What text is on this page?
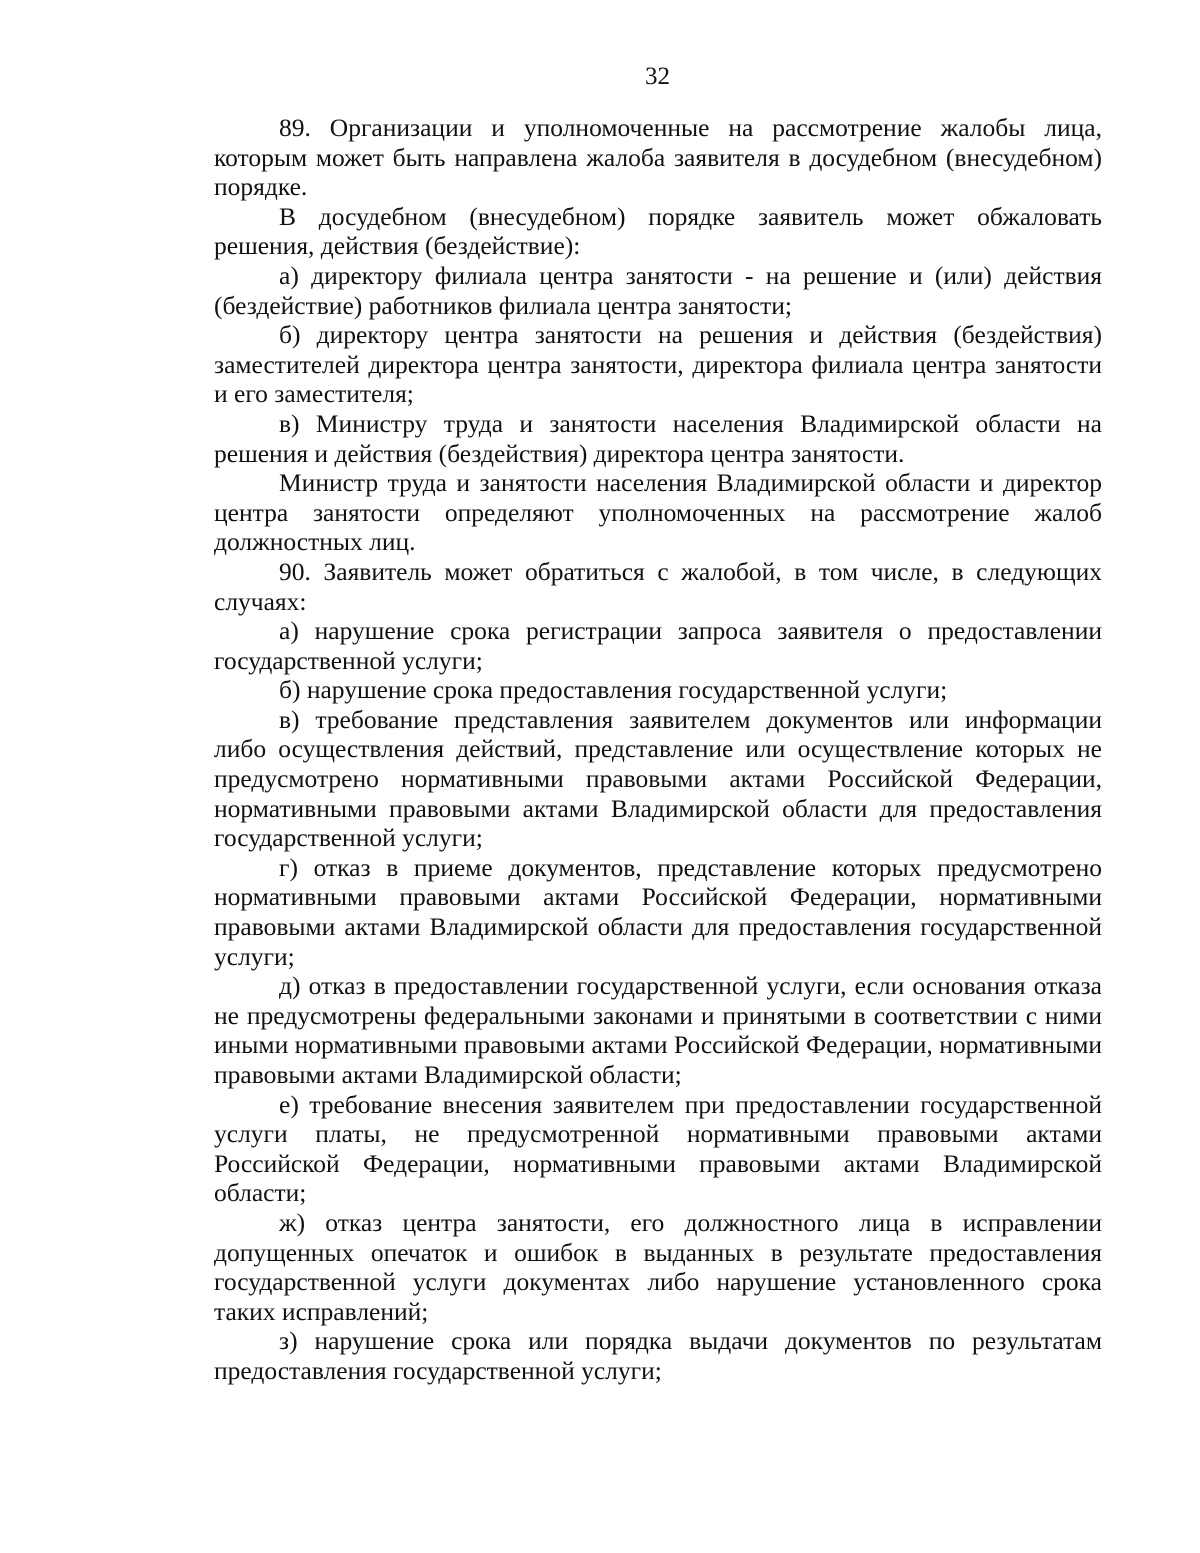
32

89. Организации и уполномоченные на рассмотрение жалобы лица, которым может быть направлена жалоба заявителя в досудебном (внесудебном) порядке.

В досудебном (внесудебном) порядке заявитель может обжаловать решения, действия (бездействие):

а) директору филиала центра занятости - на решение и (или) действия (бездействие) работников филиала центра занятости;

б) директору центра занятости на решения и действия (бездействия) заместителей директора центра занятости, директора филиала центра занятости и его заместителя;

в) Министру труда и занятости населения Владимирской области на решения и действия (бездействия) директора центра занятости.

Министр труда и занятости населения Владимирской области и директор центра занятости определяют уполномоченных на рассмотрение жалоб должностных лиц.

90. Заявитель может обратиться с жалобой, в том числе, в следующих случаях:

а) нарушение срока регистрации запроса заявителя о предоставлении государственной услуги;

б) нарушение срока предоставления государственной услуги;

в) требование представления заявителем документов или информации либо осуществления действий, представление или осуществление которых не предусмотрено нормативными правовыми актами Российской Федерации, нормативными правовыми актами Владимирской области для предоставления государственной услуги;

г) отказ в приеме документов, представление которых предусмотрено нормативными правовыми актами Российской Федерации, нормативными правовыми актами Владимирской области для предоставления государственной услуги;

д) отказ в предоставлении государственной услуги, если основания отказа не предусмотрены федеральными законами и принятыми в соответствии с ними иными нормативными правовыми актами Российской Федерации, нормативными правовыми актами Владимирской области;

е) требование внесения заявителем при предоставлении государственной услуги платы, не предусмотренной нормативными правовыми актами Российской Федерации, нормативными правовыми актами Владимирской области;

ж) отказ центра занятости, его должностного лица в исправлении допущенных опечаток и ошибок в выданных в результате предоставления государственной услуги документах либо нарушение установленного срока таких исправлений;

з) нарушение срока или порядка выдачи документов по результатам предоставления государственной услуги;
